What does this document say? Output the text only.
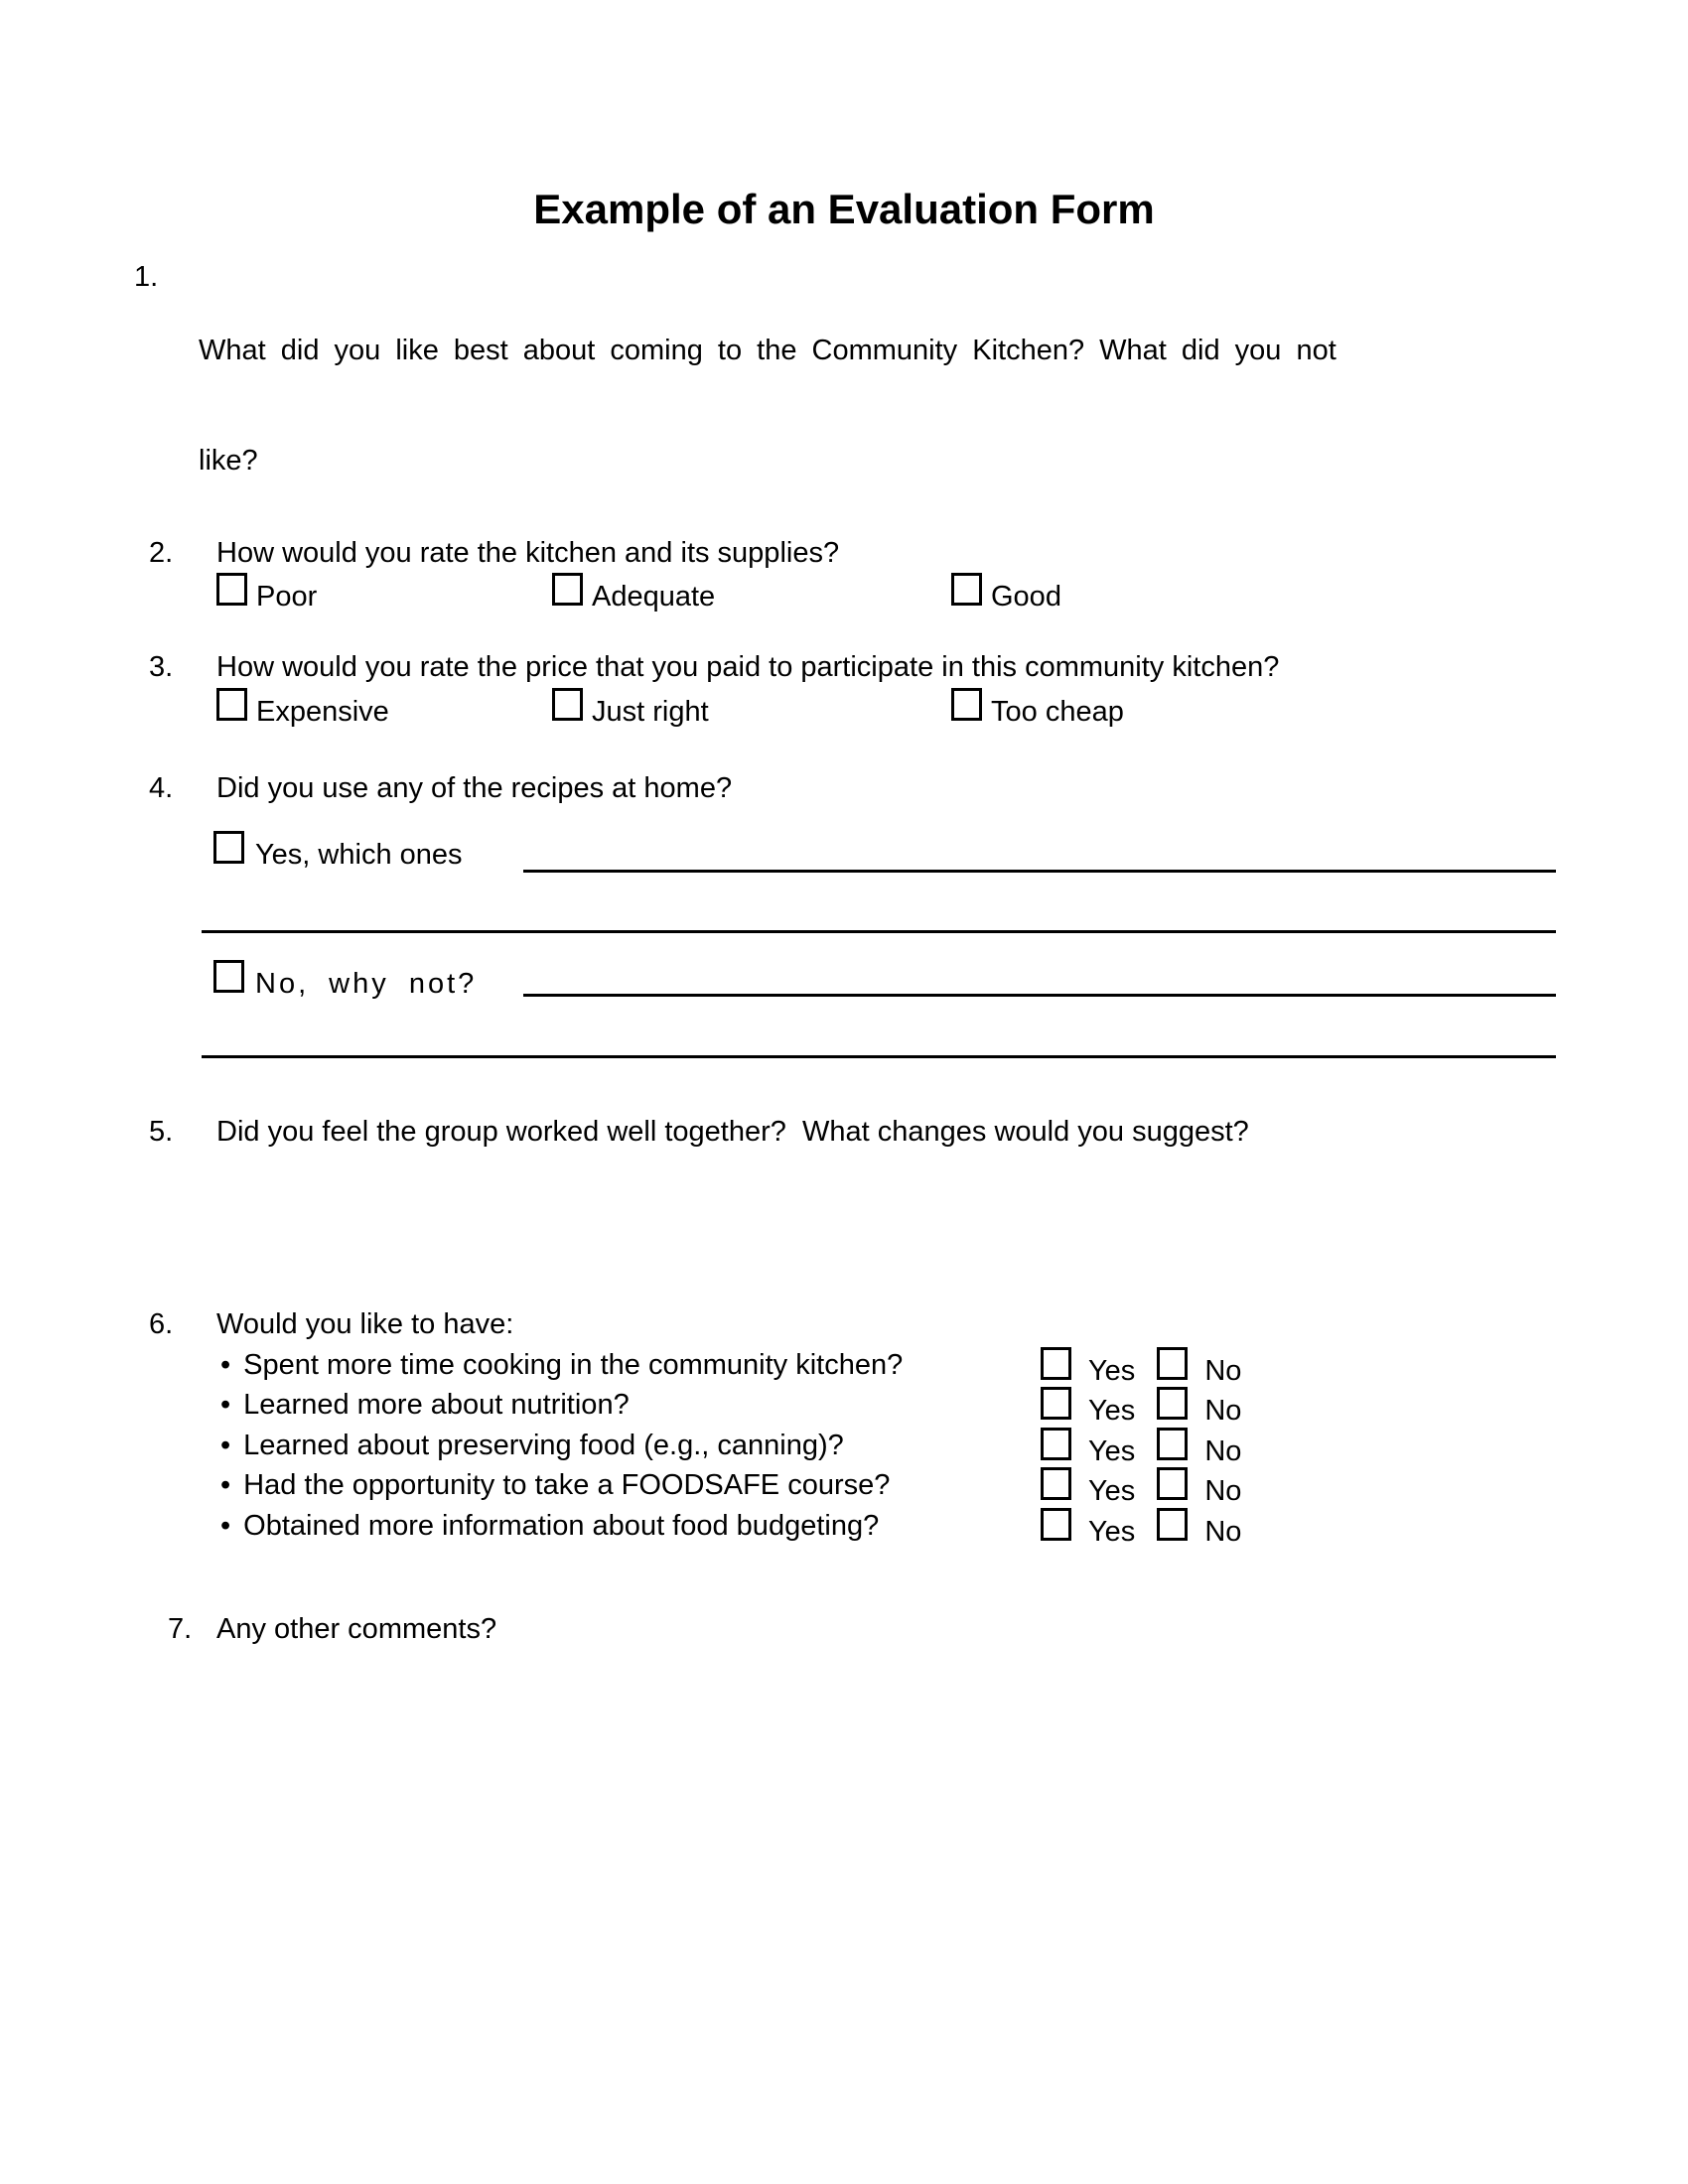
Example of an Evaluation Form
1.

What did you like best about coming to the Community Kitchen? What did you not

like?

2. How would you rate the kitchen and its supplies?
Poor	Adequate	Good
3. How would you rate the price that you paid to participate in this community kitchen?
Expensive	Just right	Too cheap
4. Did you use any of the recipes at home?
Yes, which ones
No, why not?
5. Did you feel the group worked well together?  What changes would you suggest?
6. Would you like to have:
• Spent more time cooking in the community kitchen?	Yes No
• Learned more about nutrition?	Yes No
• Learned about preserving food (e.g., canning)?	Yes No
• Had the opportunity to take a FOODSAFE course?	Yes No
• Obtained more information about food budgeting?	Yes No
7. Any other comments?
